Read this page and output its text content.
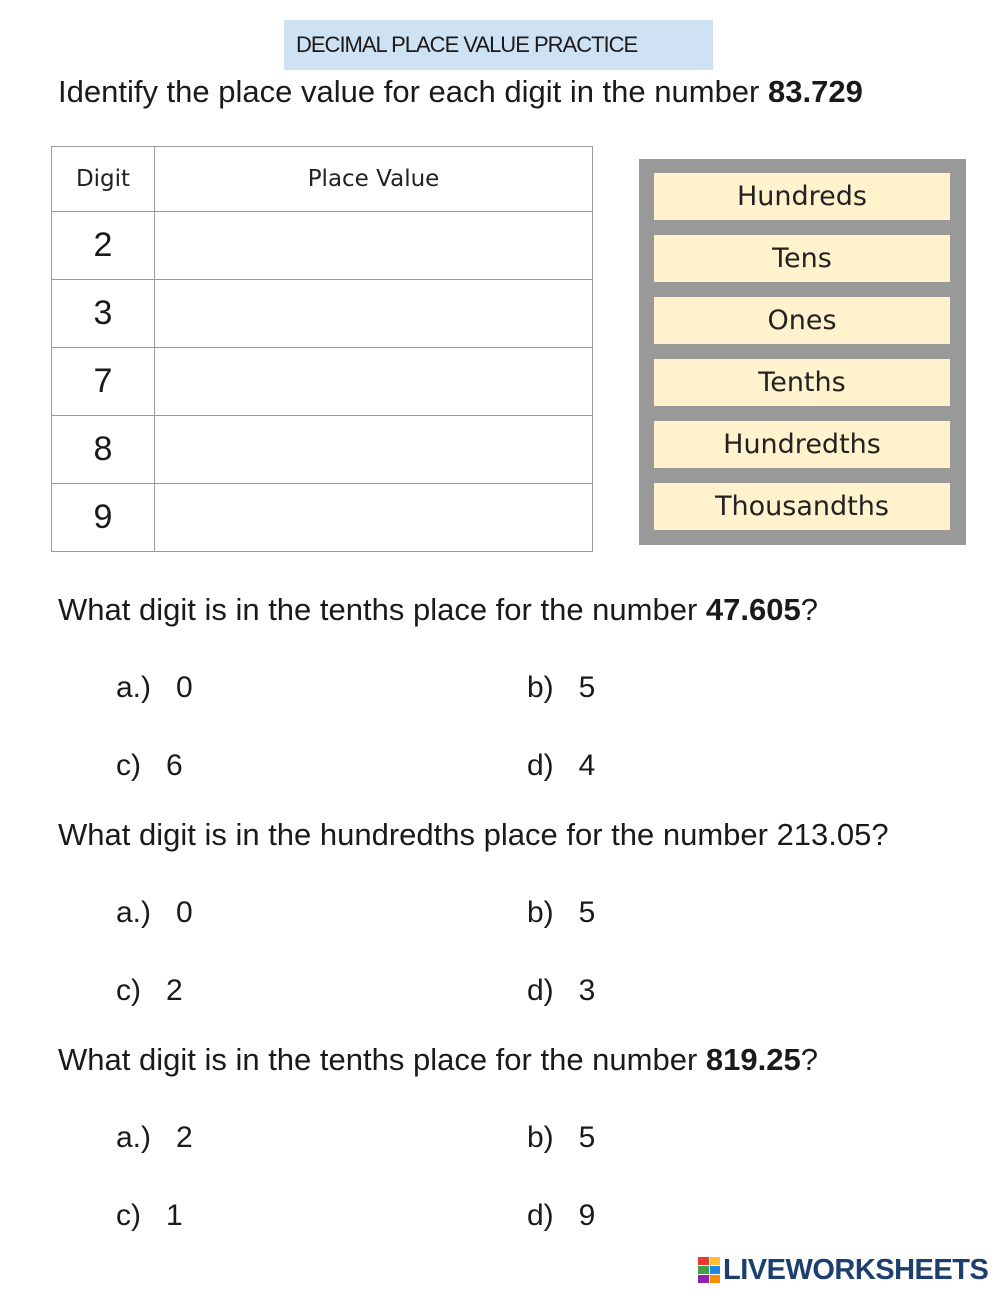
DECIMAL PLACE VALUE PRACTICE
Identify the place value for each digit in the number 83.729
Digit	Place Value
2	
3	
7	
8	
9	
Hundreds
Tens
Ones
Tenths
Hundredths
Thousandths
What digit is in the tenths place for the number 47.605?
a.)   0	b)   5
c)   6	d)   4
What digit is in the hundredths place for the number 213.05?
a.)   0	b)   5
c)   2	d)   3
What digit is in the tenths place for the number 819.25?
a.)   2	b)   5
c)   1	d)   9
LIVEWORKSHEETS
